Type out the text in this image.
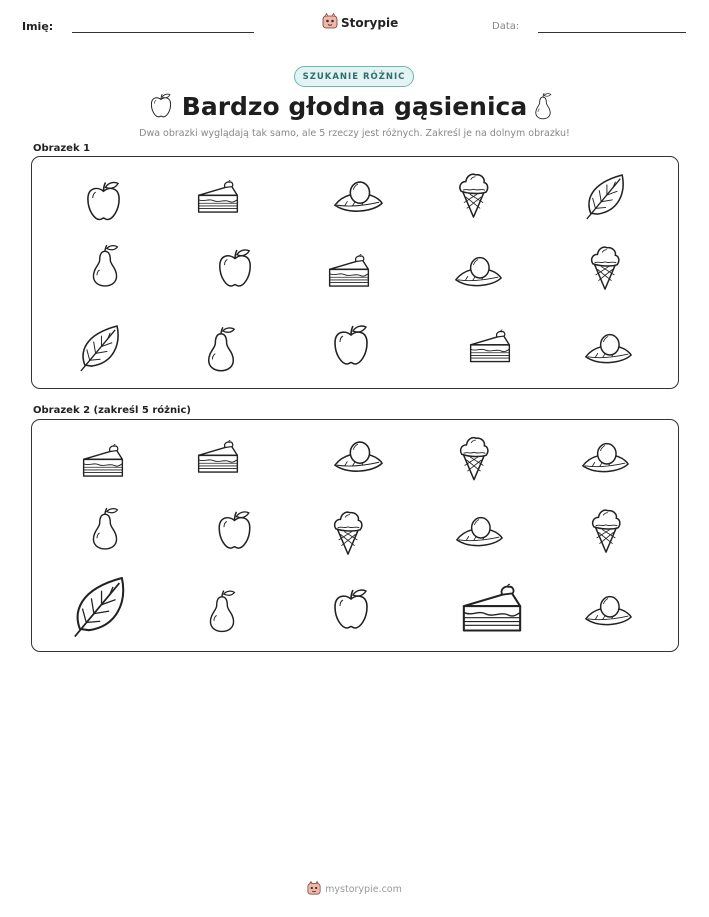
Imię:	Storypie	Data:
SZUKANIE RÓŻNIC
Bardzo głodna gąsienica
Dwa obrazki wyglądają tak samo, ale 5 rzeczy jest różnych. Zakreśl je na dolnym obrazku!
Obrazek 1
Obrazek 2 (zakreśl 5 różnic)
mystorypie.com
